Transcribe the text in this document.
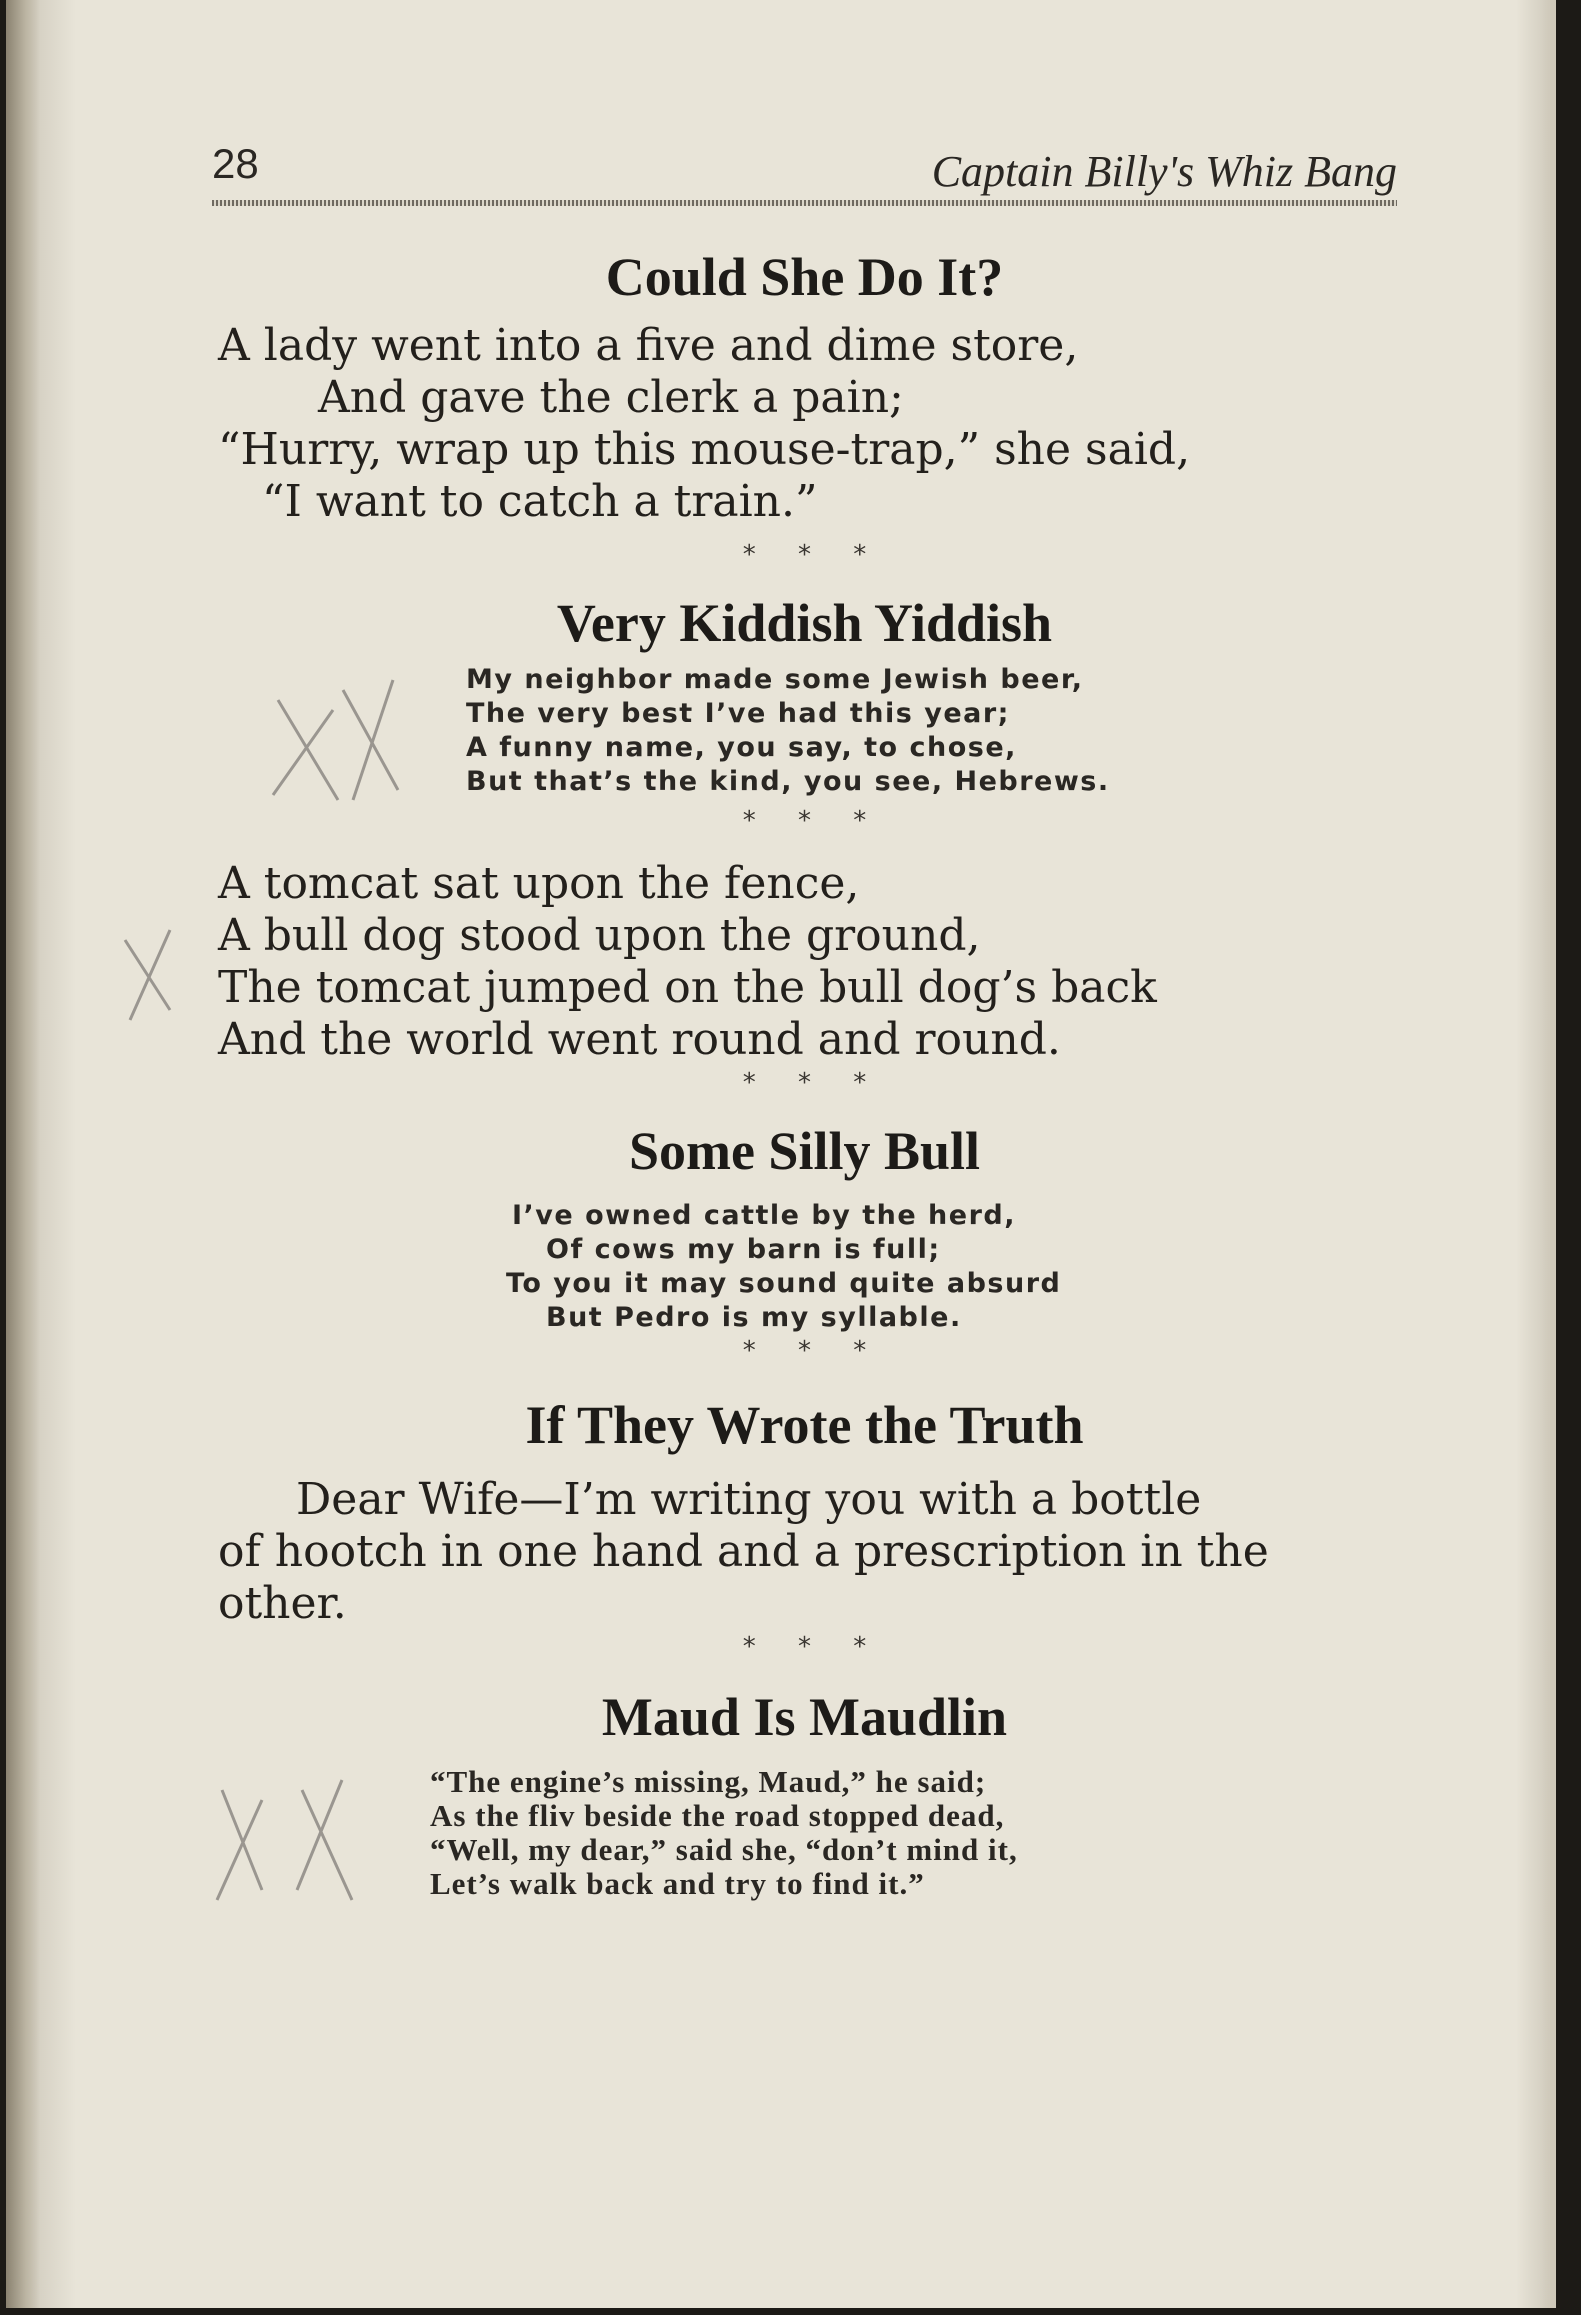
28	Captain Billy's Whiz Bang
Could She Do It?

A lady went into a five and dime store,

And gave the clerk a pain;

“Hurry, wrap up this mouse-trap,” she said,

“I want to catch a train.”

* * *

Very Kiddish Yiddish

My neighbor made some Jewish beer,

The very best I’ve had this year;

A funny name, you say, to chose,

But that’s the kind, you see, Hebrews.

* * *

A tomcat sat upon the fence,

A bull dog stood upon the ground,

The tomcat jumped on the bull dog’s back

And the world went round and round.

* * *

Some Silly Bull

I’ve owned cattle by the herd,

Of cows my barn is full;

To you it may sound quite absurd

But Pedro is my syllable.

* * *

If They Wrote the Truth

Dear Wife—I’m writing you with a bottle

of hootch in one hand and a prescription in the

other.

* * *

Maud Is Maudlin

“The engine’s missing, Maud,” he said;

As the fliv beside the road stopped dead,

“Well, my dear,” said she, “don’t mind it,

Let’s walk back and try to find it.”
